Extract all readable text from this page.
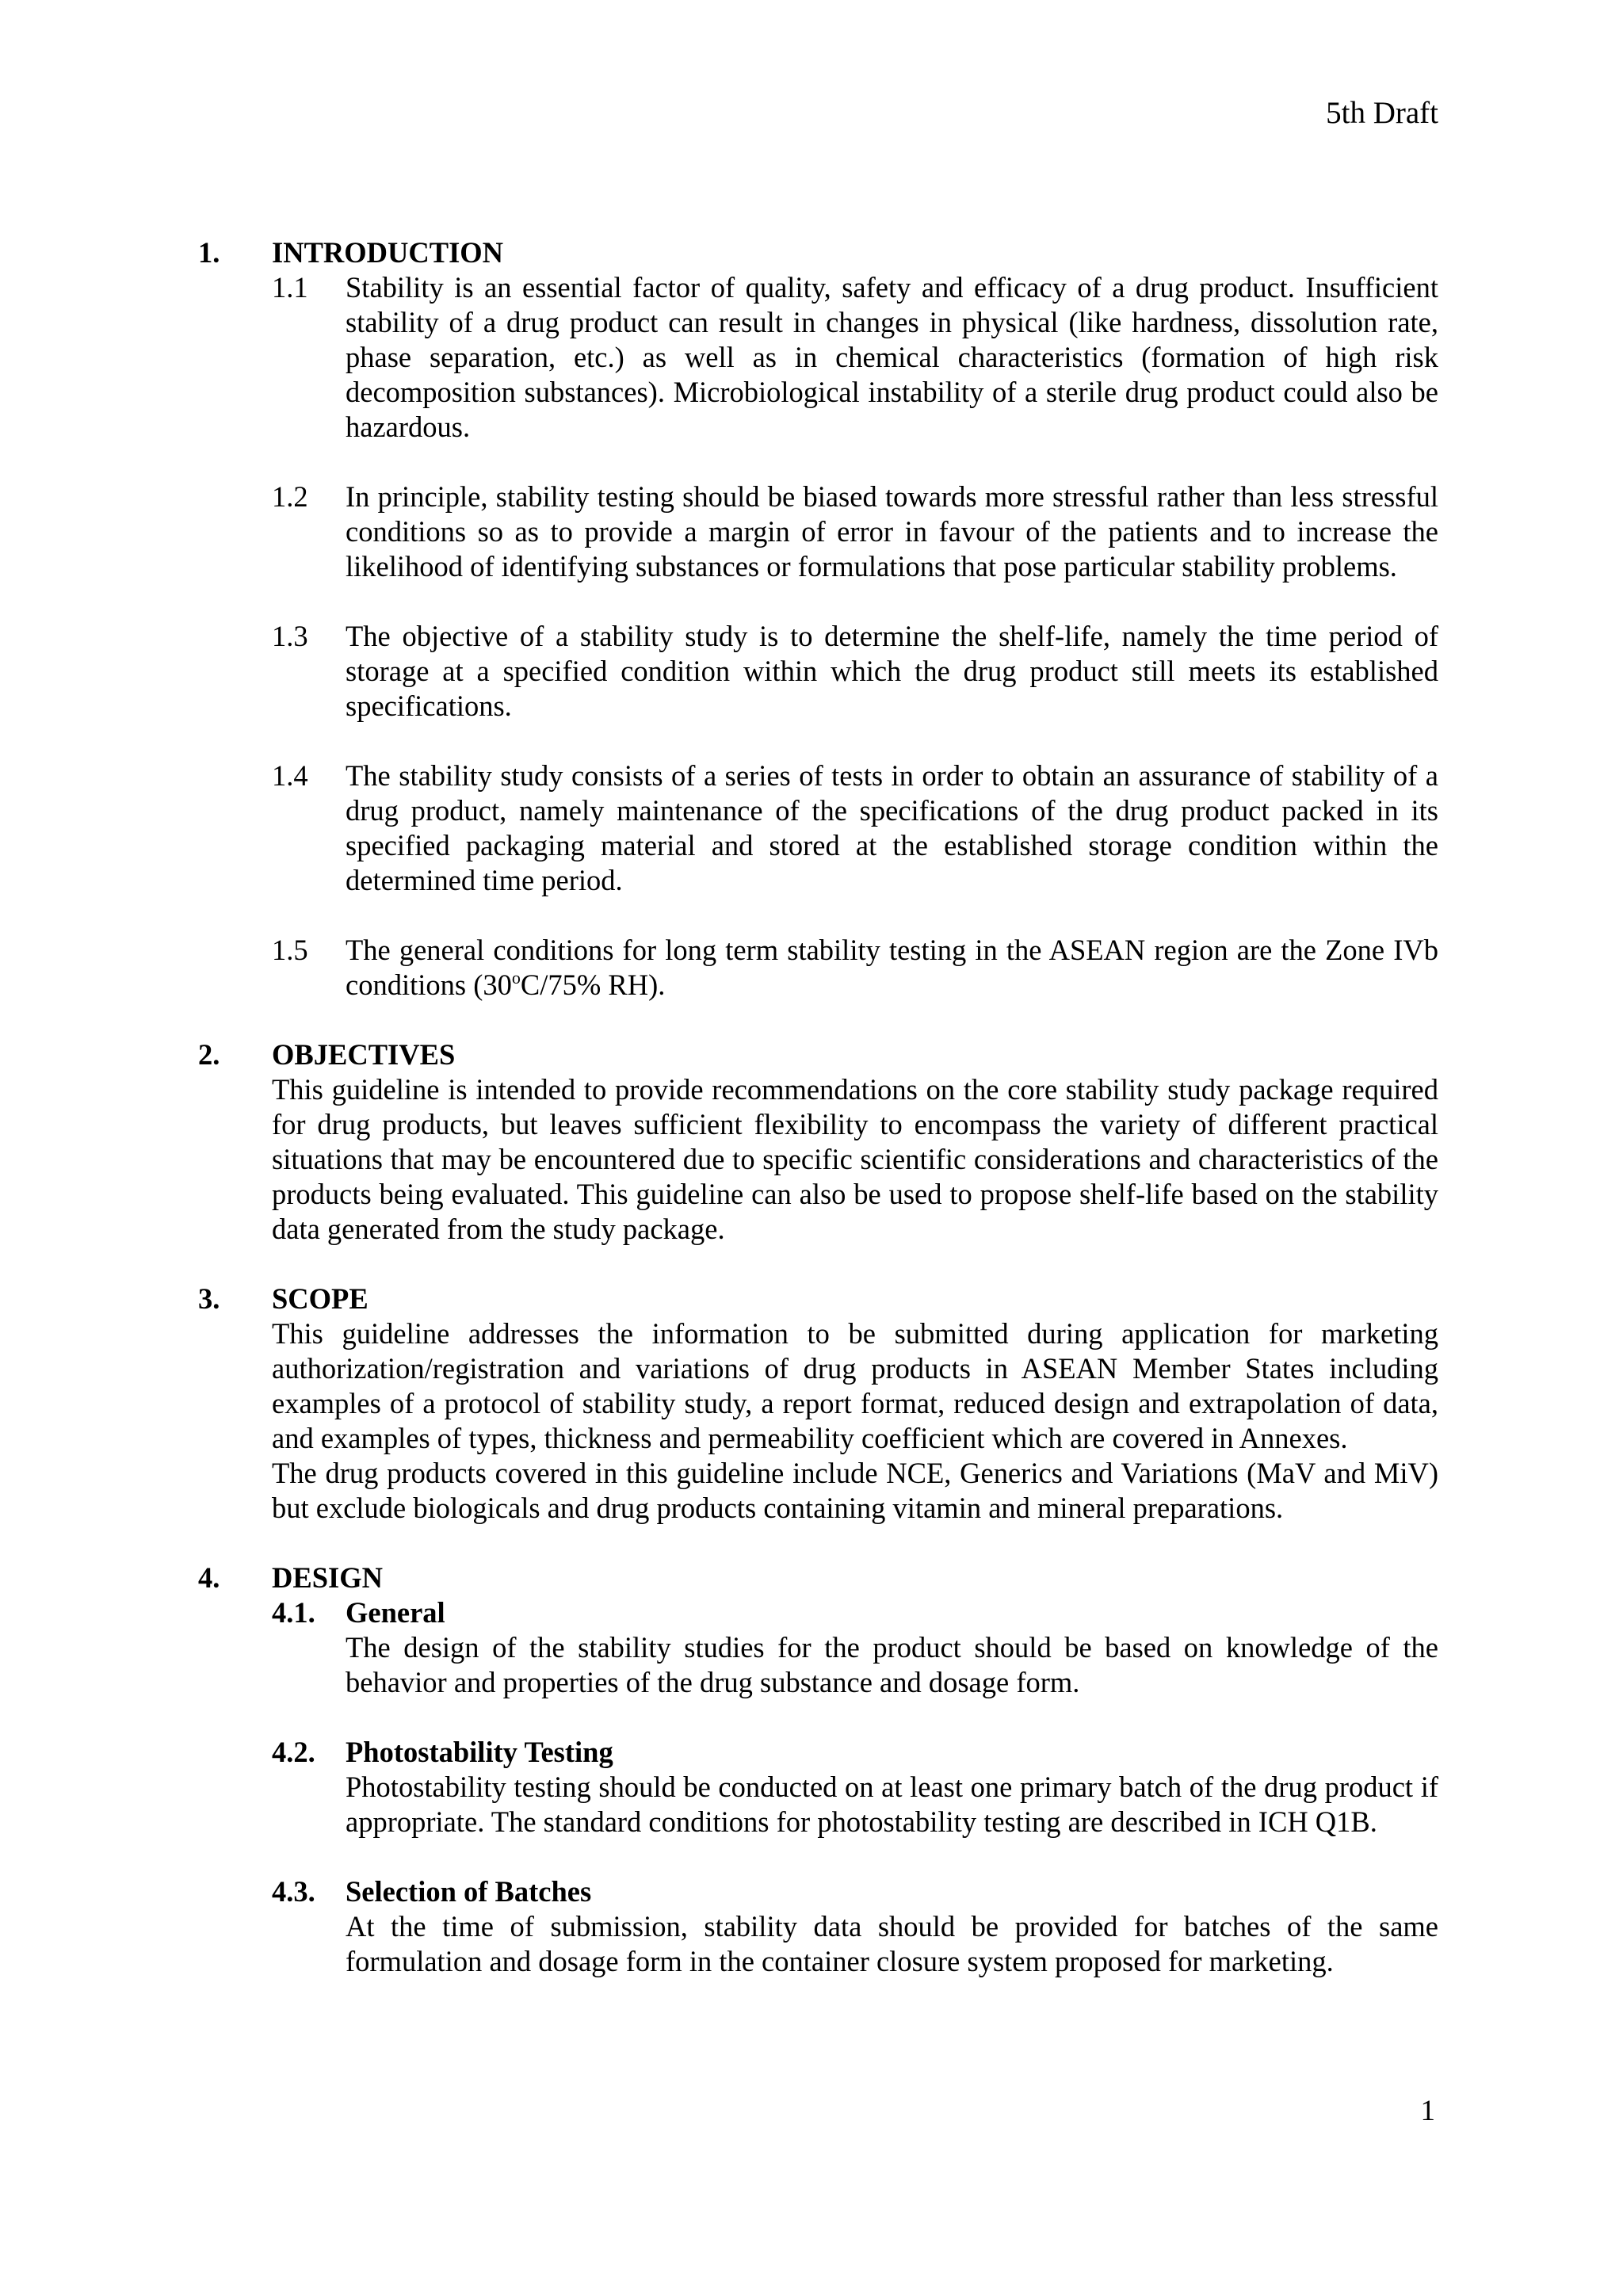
5th Draft
1. INTRODUCTION
1.1 Stability is an essential factor of quality, safety and efficacy of a drug product. Insufficient stability of a drug product can result in changes in physical (like hardness, dissolution rate, phase separation, etc.) as well as in chemical characteristics (formation of high risk decomposition substances). Microbiological instability of a sterile drug product could also be hazardous.
1.2 In principle, stability testing should be biased towards more stressful rather than less stressful conditions so as to provide a margin of error in favour of the patients and to increase the likelihood of identifying substances or formulations that pose particular stability problems.
1.3 The objective of a stability study is to determine the shelf-life, namely the time period of storage at a specified condition within which the drug product still meets its established specifications.
1.4 The stability study consists of a series of tests in order to obtain an assurance of stability of a drug product, namely maintenance of the specifications of the drug product packed in its specified packaging material and stored at the established storage condition within the determined time period.
1.5 The general conditions for long term stability testing in the ASEAN region are the Zone IVb conditions (30$^o$C/75% RH).
2. OBJECTIVES

This guideline is intended to provide recommendations on the core stability study package required for drug products, but leaves sufficient flexibility to encompass the variety of different practical situations that may be encountered due to specific scientific considerations and characteristics of the products being evaluated. This guideline can also be used to propose shelf-life based on the stability data generated from the study package.

3. SCOPE

This guideline addresses the information to be submitted during application for marketing authorization/registration and variations of drug products in ASEAN Member States including examples of a protocol of stability study, a report format, reduced design and extrapolation of data, and examples of types, thickness and permeability coefficient which are covered in Annexes.

The drug products covered in this guideline include NCE, Generics and Variations (MaV and MiV) but exclude biologicals and drug products containing vitamin and mineral preparations.

4. DESIGN
4.1. General
The design of the stability studies for the product should be based on knowledge of the behavior and properties of the drug substance and dosage form.
4.2. Photostability Testing
Photostability testing should be conducted on at least one primary batch of the drug product if appropriate. The standard conditions for photostability testing are described in ICH Q1B.
4.3. Selection of Batches
At the time of submission, stability data should be provided for batches of the same formulation and dosage form in the container closure system proposed for marketing.
1
